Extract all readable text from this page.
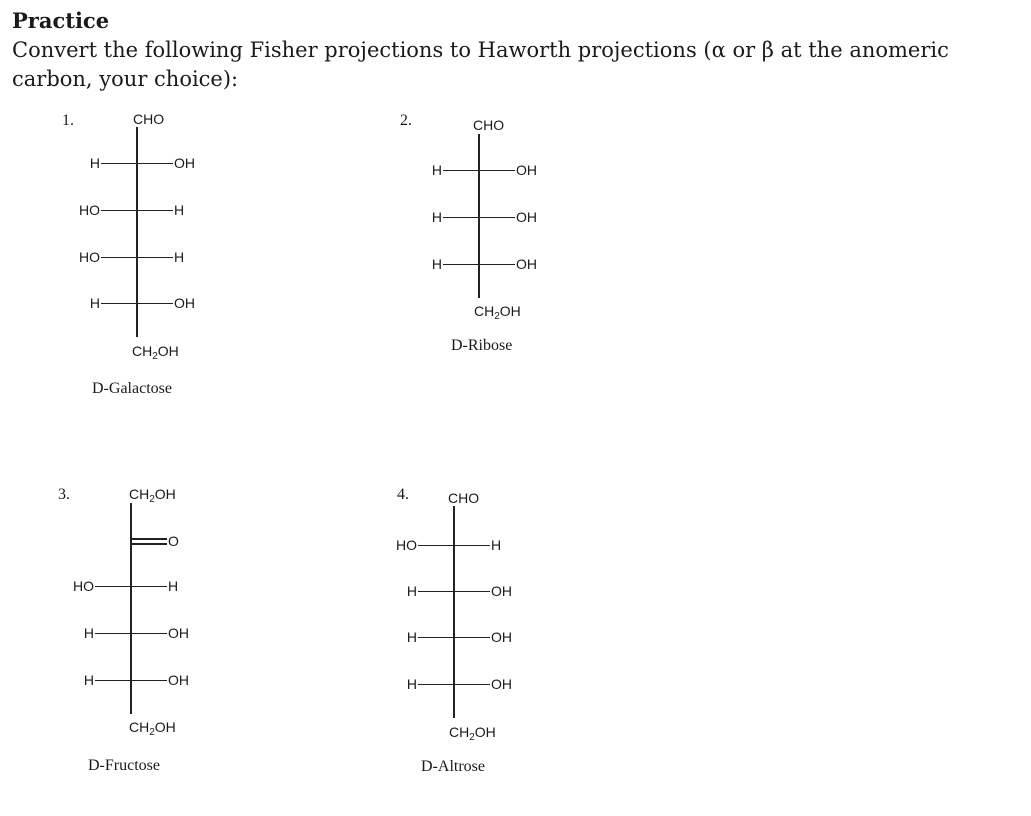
Practice
Convert the following Fisher projections to Haworth projections (α or β at the anomeric carbon, your choice):
1.	CHO
H	OH
HO	H
HO	H
H	OH
$CH_2OH$
D-Galactose
2.	CHO
H	OH
H	OH
H	OH
$CH_2OH$
D-Ribose
3.	$CH_2OH$
O
HO	H
H	OH
H	OH
$CH_2OH$
D-Fructose
4.	CHO
HO	H
H	OH
H	OH
H	OH
$CH_2OH$
D-Altrose
